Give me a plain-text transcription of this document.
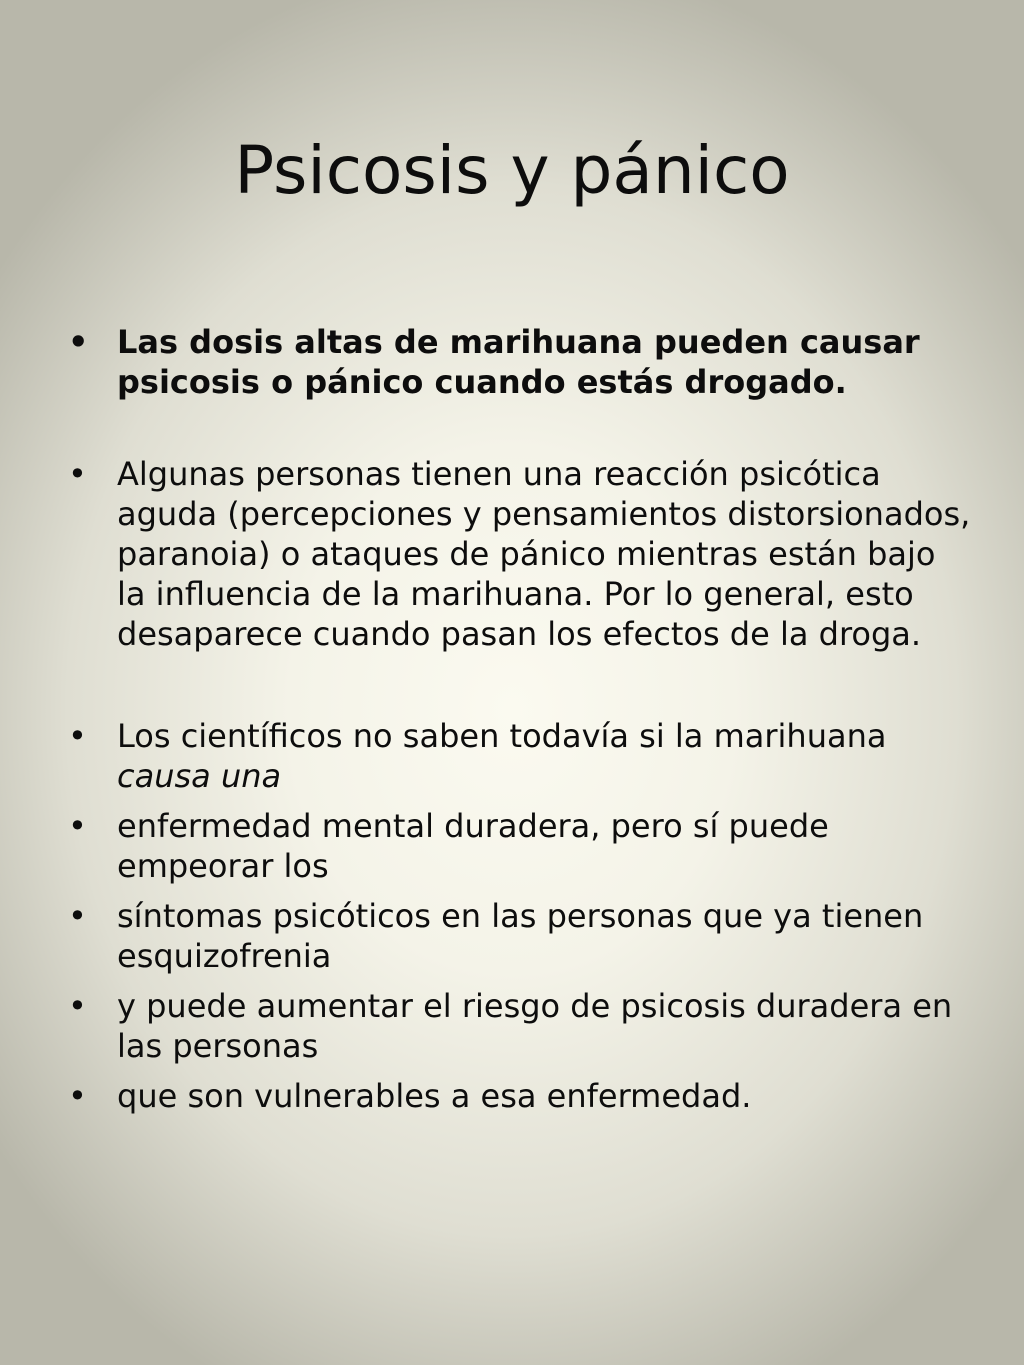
Psicosis y pánico
• Las dosis altas de marihuana pueden causar psicosis o pánico cuando estás drogado.
• Algunas personas tienen una reacción psicótica aguda (percepciones y pensamientos distorsionados, paranoia) o ataques de pánico mientras están bajo la influencia de la marihuana. Por lo general, esto desaparece cuando pasan los efectos de la droga.
• Los científicos no saben todavía si la marihuana causa una
• enfermedad mental duradera, pero sí puede empeorar los
• síntomas psicóticos en las personas que ya tienen esquizofrenia
• y puede aumentar el riesgo de psicosis duradera en las personas
• que son vulnerables a esa enfermedad.
